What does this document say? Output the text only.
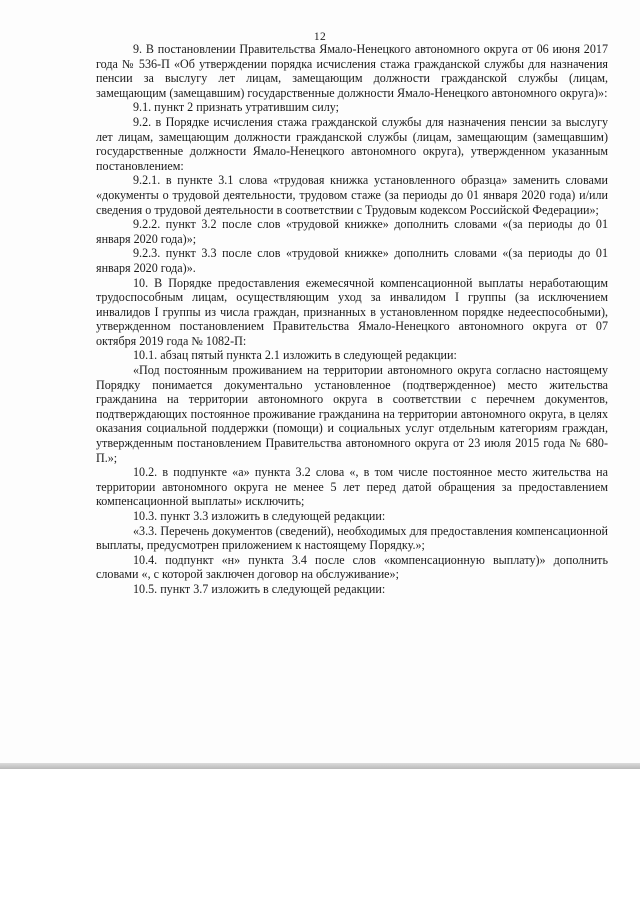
12

9. В постановлении Правительства Ямало-Ненецкого автономного округа от 06 июня 2017 года № 536-П «Об утверждении порядка исчисления стажа гражданской службы для назначения пенсии за выслугу лет лицам, замещающим должности гражданской службы (лицам, замещающим (замещавшим) государственные должности Ямало-Ненецкого автономного округа)»:

9.1. пункт 2 признать утратившим силу;

9.2. в Порядке исчисления стажа гражданской службы для назначения пенсии за выслугу лет лицам, замещающим должности гражданской службы (лицам, замещающим (замещавшим) государственные должности Ямало-Ненецкого автономного округа), утвержденном указанным постановлением:

9.2.1. в пункте 3.1 слова «трудовая книжка установленного образца» заменить словами «документы о трудовой деятельности, трудовом стаже (за периоды до 01 января 2020 года) и/или сведения о трудовой деятельности в соответствии с Трудовым кодексом Российской Федерации»;

9.2.2. пункт 3.2 после слов «трудовой книжке» дополнить словами «(за периоды до 01 января 2020 года)»;

9.2.3. пункт 3.3 после слов «трудовой книжке» дополнить словами «(за периоды до 01 января 2020 года)».

10. В Порядке предоставления ежемесячной компенсационной выплаты неработающим трудоспособным лицам, осуществляющим уход за инвалидом I группы (за исключением инвалидов I группы из числа граждан, признанных в установленном порядке недееспособными), утвержденном постановлением Правительства Ямало-Ненецкого автономного округа от 07 октября 2019 года № 1082-П:

10.1. абзац пятый пункта 2.1 изложить в следующей редакции:

«Под постоянным проживанием на территории автономного округа согласно настоящему Порядку понимается документально установленное (подтвержденное) место жительства гражданина на территории автономного округа в соответствии с перечнем документов, подтверждающих постоянное проживание гражданина на территории автономного округа, в целях оказания социальной поддержки (помощи) и социальных услуг отдельным категориям граждан, утвержденным постановлением Правительства автономного округа от 23 июля 2015 года № 680-П.»;

10.2. в подпункте «а» пункта 3.2 слова «, в том числе постоянное место жительства на территории автономного округа не менее 5 лет перед датой обращения за предоставлением компенсационной выплаты» исключить;

10.3. пункт 3.3 изложить в следующей редакции:

«3.3. Перечень документов (сведений), необходимых для предоставления компенсационной выплаты, предусмотрен приложением к настоящему Порядку.»;

10.4. подпункт «н» пункта 3.4 после слов «компенсационную выплату)» дополнить словами «, с которой заключен договор на обслуживание»;

10.5. пункт 3.7 изложить в следующей редакции:
